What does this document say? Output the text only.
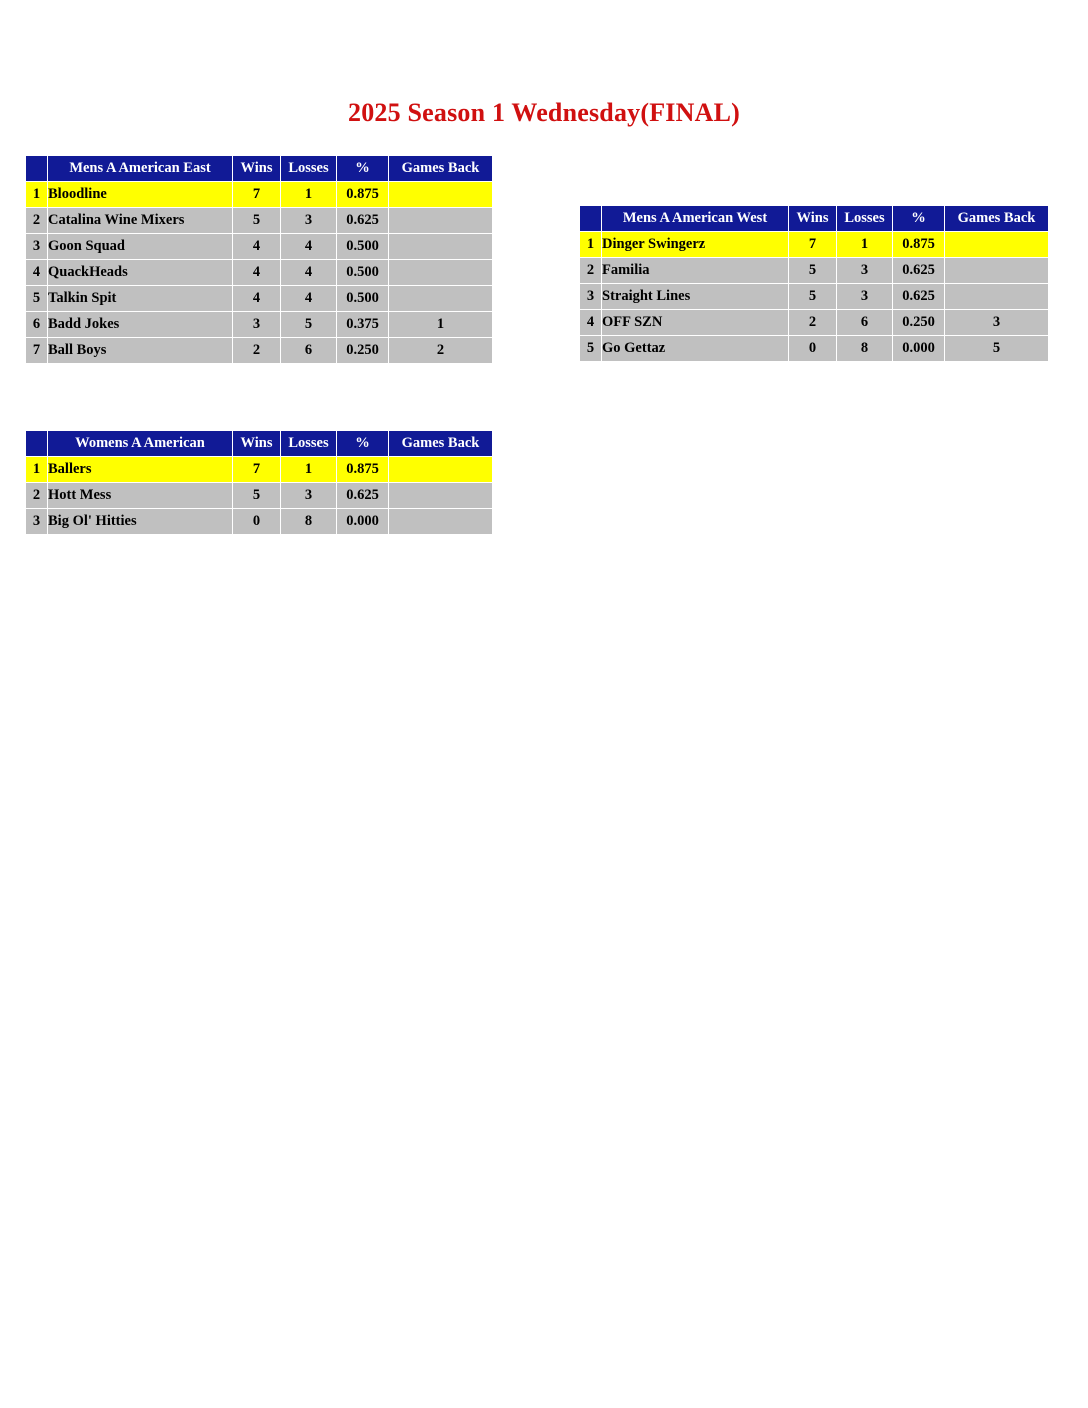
2025 Season 1 Wednesday(FINAL)
	Mens A American East	Wins	Losses	%	Games Back
1	Bloodline	7	1	0.875	
2	Catalina Wine Mixers	5	3	0.625	
3	Goon Squad	4	4	0.500	
4	QuackHeads	4	4	0.500	
5	Talkin Spit	4	4	0.500	
6	Badd Jokes	3	5	0.375	1
7	Ball Boys	2	6	0.250	2
	Mens A American West	Wins	Losses	%	Games Back
1	Dinger Swingerz	7	1	0.875	
2	Familia	5	3	0.625	
3	Straight Lines	5	3	0.625	
4	OFF SZN	2	6	0.250	3
5	Go Gettaz	0	8	0.000	5
	Womens A American	Wins	Losses	%	Games Back
1	Ballers	7	1	0.875	
2	Hott Mess	5	3	0.625	
3	Big Ol' Hitties	0	8	0.000	
